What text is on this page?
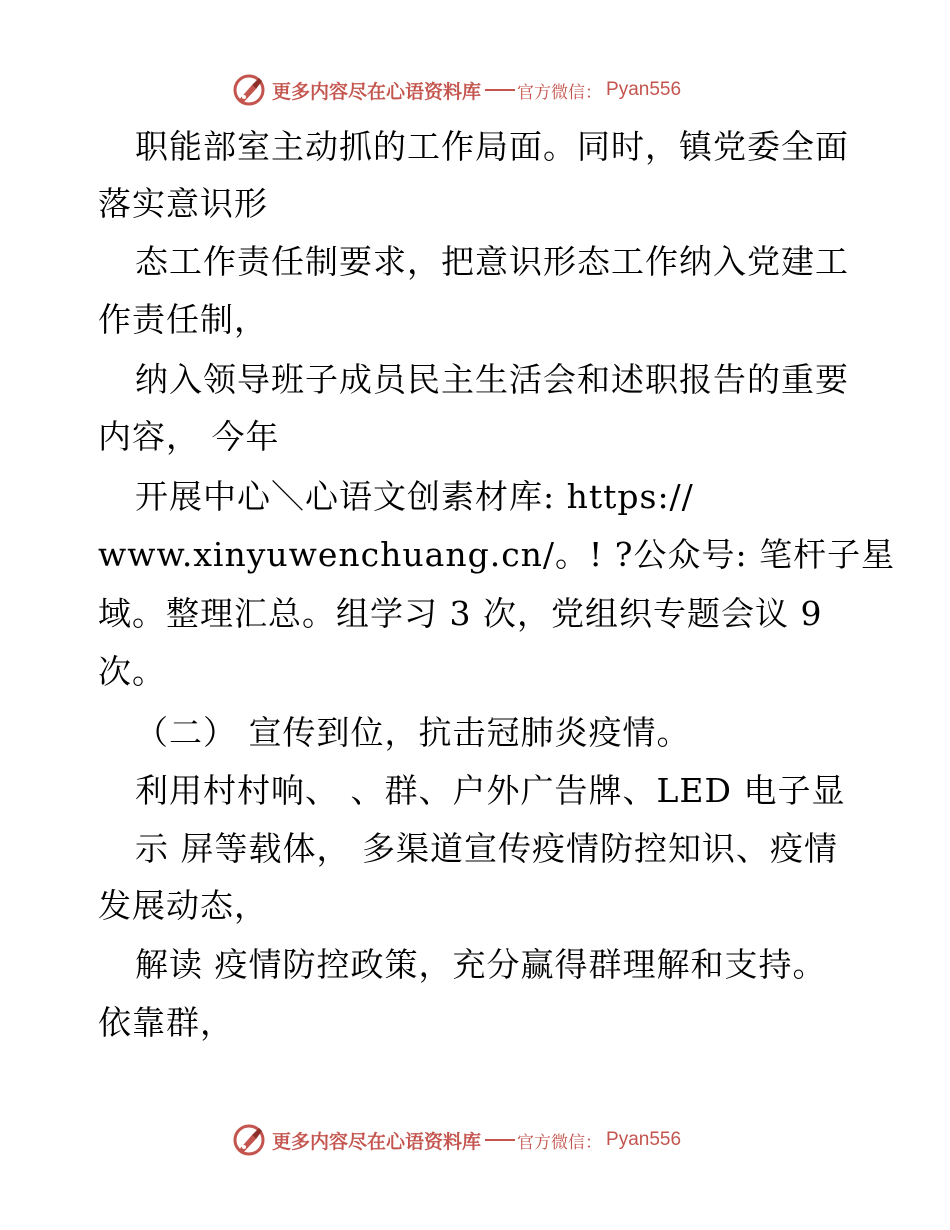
更多内容尽在心语资料库 官方微信： Pyan556
职能部室主动抓的工作局面。同时，镇党委全面
落实意识形
态工作责任制要求，把意识形态工作纳入党建工
作责任制，
纳入领导班子成员民主生活会和述职报告的重要
内容， 今年
开展中心＼心语文创素材库: https://
www.xinyuwenchuang.cn/。! ?公众号: 笔杆子星
域。整理汇总。组学习 3 次，党组织专题会议 9
次。
（二） 宣传到位，抗击冠肺炎疫情。
利用村村响、 、群、户外广告牌、LED 电子显
示 屏等载体， 多渠道宣传疫情防控知识、疫情
发展动态，
解读 疫情防控政策，充分赢得群理解和支持。
依靠群，
更多内容尽在心语资料库 官方微信： Pyan556
